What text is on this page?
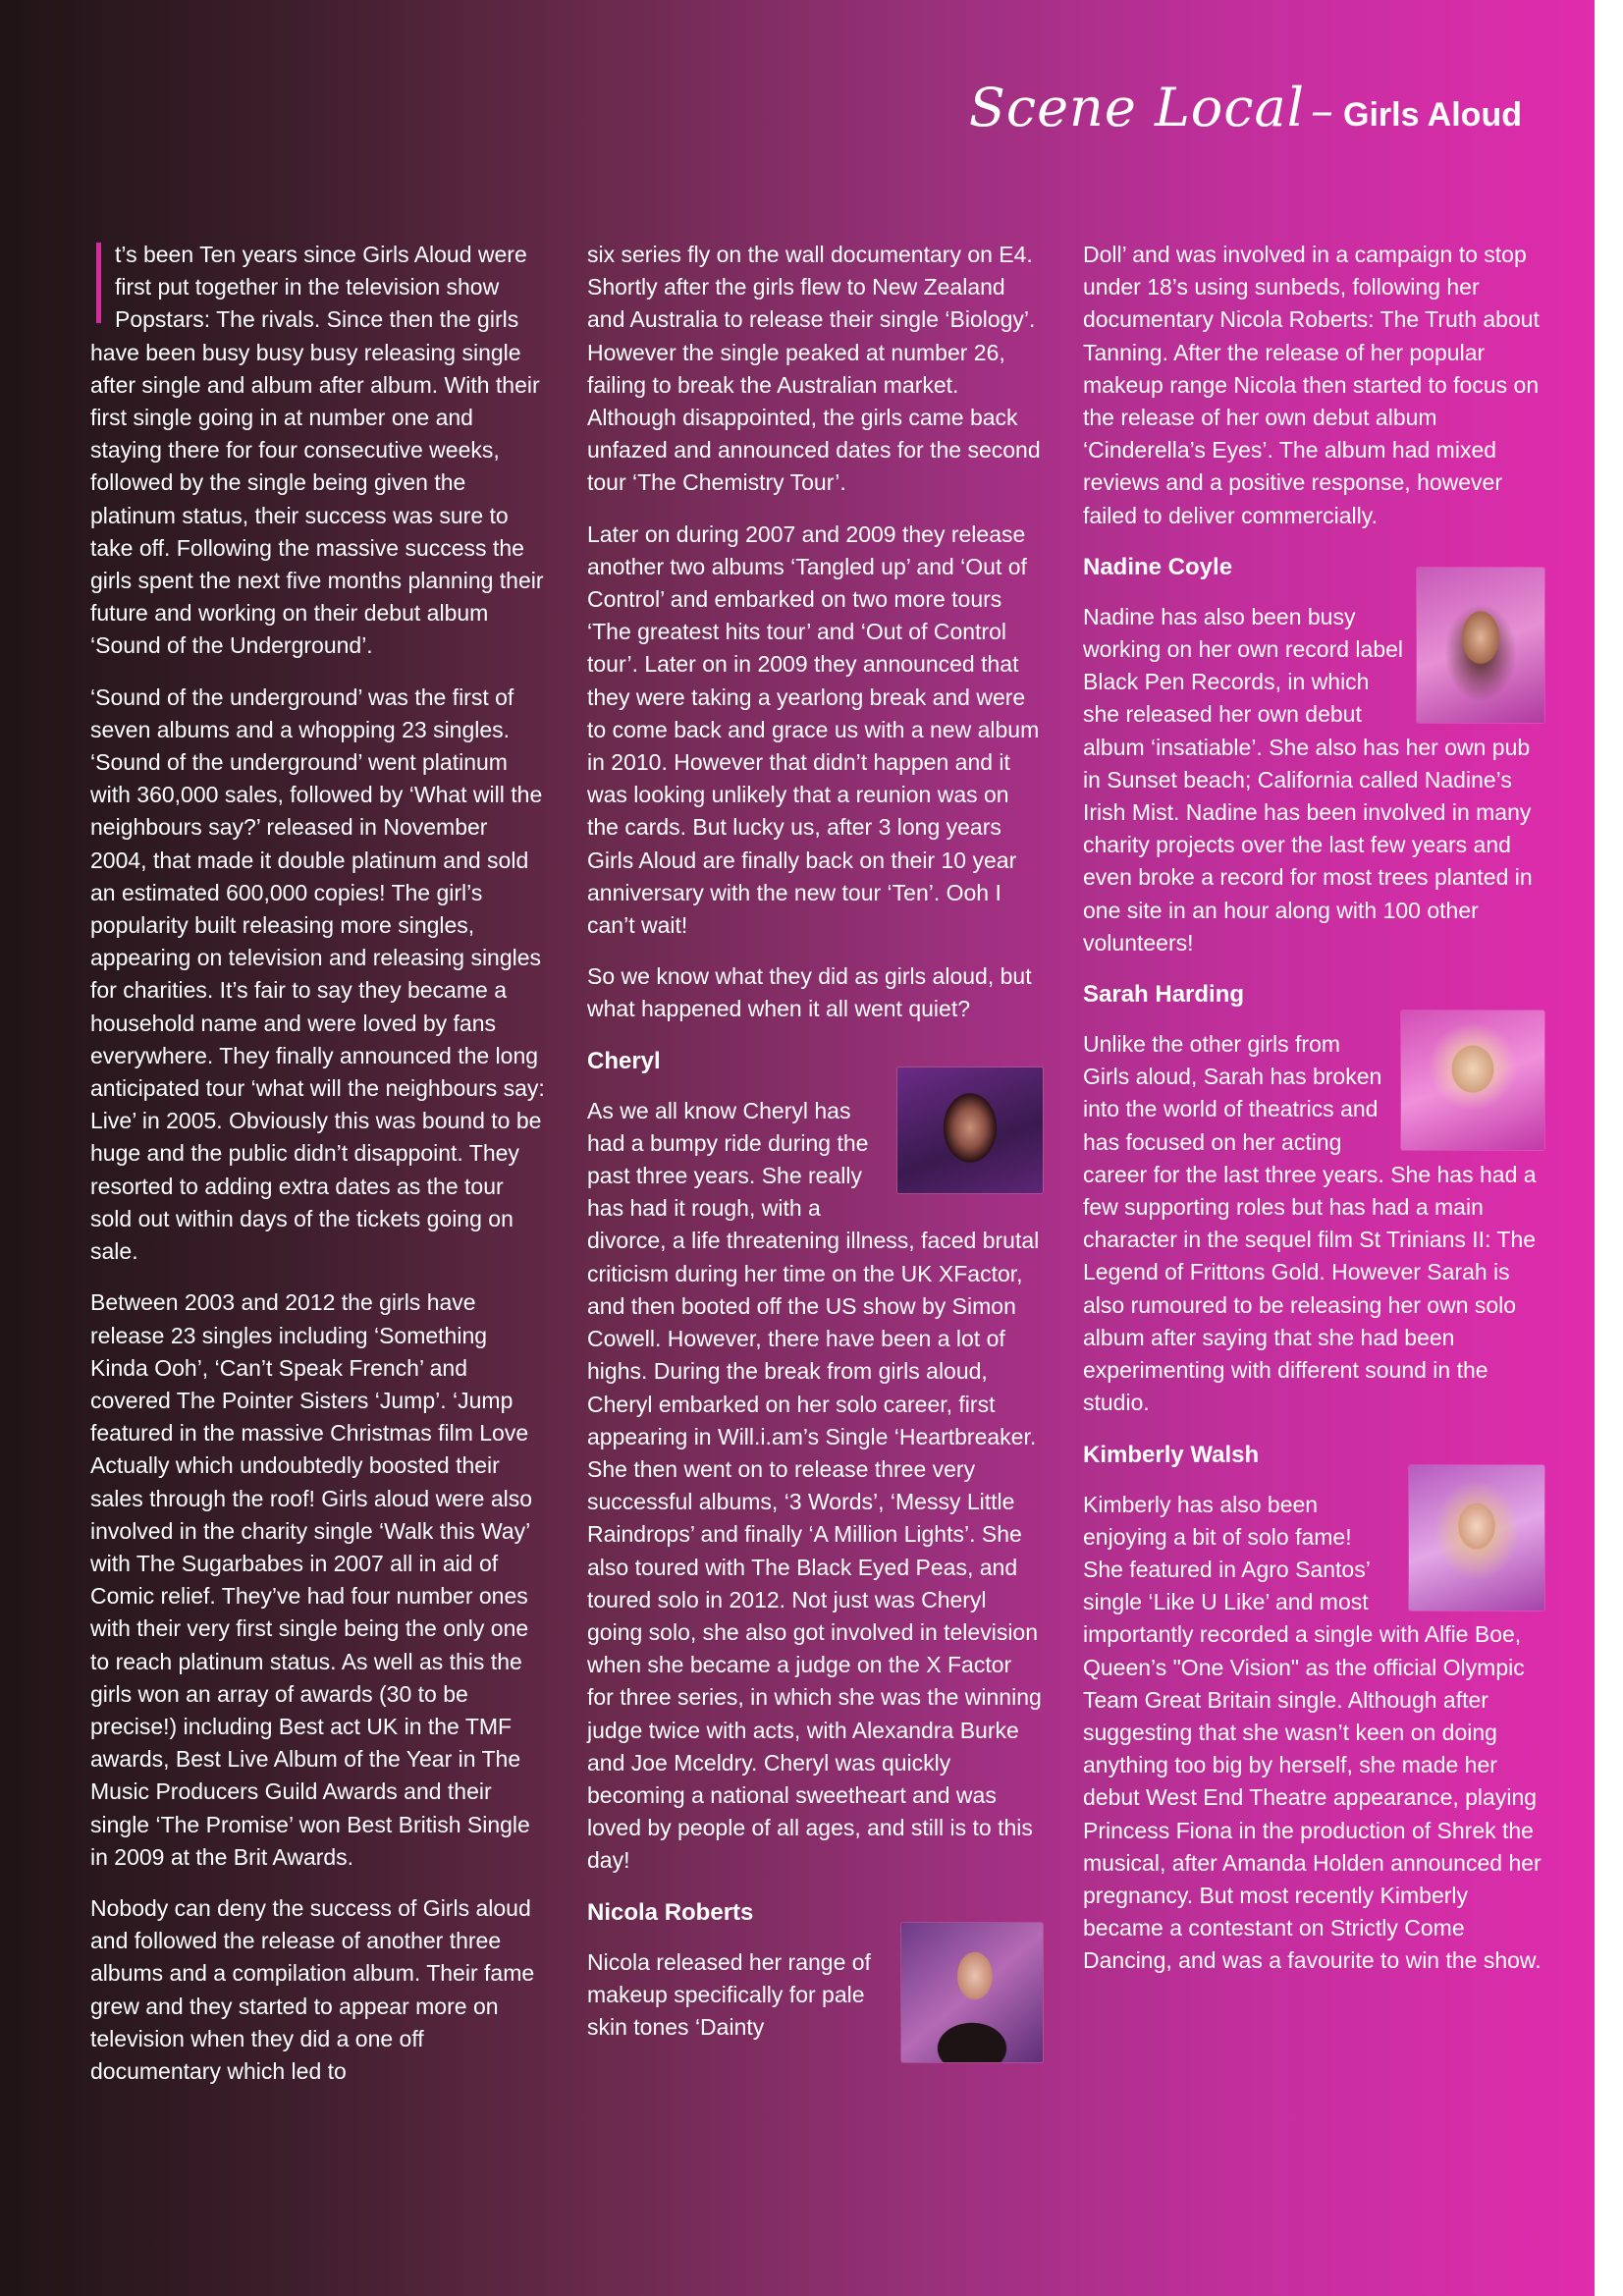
Scene Local – Girls Aloud

t’s been Ten years since Girls Aloud were first put together in the television show Popstars: The rivals. Since then the girls have been busy busy busy releasing single after single and album after album. With their first single going in at number one and staying there for four consecutive weeks, followed by the single being given the platinum status, their success was sure to take off. Following the massive success the girls spent the next five months planning their future and working on their debut album ‘Sound of the Underground’.

‘Sound of the underground’ was the first of seven albums and a whopping 23 singles. ‘Sound of the underground’ went platinum with 360,000 sales, followed by ‘What will the neighbours say?’ released in November 2004, that made it double platinum and sold an estimated 600,000 copies! The girl’s popularity built releasing more singles, appearing on television and releasing singles for charities. It’s fair to say they became a household name and were loved by fans everywhere. They finally announced the long anticipated tour ‘what will the neighbours say: Live’ in 2005. Obviously this was bound to be huge and the public didn’t disappoint. They resorted to adding extra dates as the tour sold out within days of the tickets going on sale.

Between 2003 and 2012 the girls have release 23 singles including ‘Something Kinda Ooh’, ‘Can’t Speak French’ and covered The Pointer Sisters ‘Jump’. ‘Jump featured in the massive Christmas film Love Actually which undoubtedly boosted their sales through the roof! Girls aloud were also involved in the charity single ‘Walk this Way’ with The Sugarbabes in 2007 all in aid of Comic relief. They’ve had four number ones with their very first single being the only one to reach platinum status. As well as this the girls won an array of awards (30 to be precise!) including Best act UK in the TMF awards, Best Live Album of the Year in The Music Producers Guild Awards and their single ‘The Promise’ won Best British Single in 2009 at the Brit Awards.

Nobody can deny the success of Girls aloud and followed the release of another three albums and a compilation album. Their fame grew and they started to appear more on television when they did a one off documentary which led to

six series fly on the wall documentary on E4. Shortly after the girls flew to New Zealand and Australia to release their single ‘Biology’. However the single peaked at number 26, failing to break the Australian market. Although disappointed, the girls came back unfazed and announced dates for the second tour ‘The Chemistry Tour’.

Later on during 2007 and 2009 they release another two albums ‘Tangled up’ and ‘Out of Control’ and embarked on two more tours ‘The greatest hits tour’ and ‘Out of Control tour’. Later on in 2009 they announced that they were taking a yearlong break and were to come back and grace us with a new album in 2010. However that didn’t happen and it was looking unlikely that a reunion was on the cards. But lucky us, after 3 long years Girls Aloud are finally back on their 10 year anniversary with the new tour ‘Ten’. Ooh I can’t wait!

So we know what they did as girls aloud, but what happened when it all went quiet?

Cheryl

As we all know Cheryl has had a bumpy ride during the past three years. She really has had it rough, with a divorce, a life threatening illness, faced brutal criticism during her time on the UK XFactor, and then booted off the US show by Simon Cowell. However, there have been a lot of highs. During the break from girls aloud, Cheryl embarked on her solo career, first appearing in Will.i.am’s Single ‘Heartbreaker. She then went on to release three very successful albums, ‘3 Words’, ‘Messy Little Raindrops’ and finally ‘A Million Lights’. She also toured with The Black Eyed Peas, and toured solo in 2012. Not just was Cheryl going solo, she also got involved in television when she became a judge on the X Factor for three series, in which she was the winning judge twice with acts, with Alexandra Burke and Joe Mceldry. Cheryl was quickly becoming a national sweetheart and was loved by people of all ages, and still is to this day!

Nicola Roberts

Nicola released her range of makeup specifically for pale skin tones ‘Dainty

Doll’ and was involved in a campaign to stop under 18’s using sunbeds, following her documentary Nicola Roberts: The Truth about Tanning. After the release of her popular makeup range Nicola then started to focus on the release of her own debut album ‘Cinderella’s Eyes’. The album had mixed reviews and a positive response, however failed to deliver commercially.

Nadine Coyle

Nadine has also been busy working on her own record label Black Pen Records, in which she released her own debut album ‘insatiable’. She also has her own pub in Sunset beach; California called Nadine’s Irish Mist. Nadine has been involved in many charity projects over the last few years and even broke a record for most trees planted in one site in an hour along with 100 other volunteers!

Sarah Harding

Unlike the other girls from Girls aloud, Sarah has broken into the world of theatrics and has focused on her acting career for the last three years. She has had a few supporting roles but has had a main character in the sequel film St Trinians II: The Legend of Frittons Gold. However Sarah is also rumoured to be releasing her own solo album after saying that she had been experimenting with different sound in the studio.

Kimberly Walsh

Kimberly has also been enjoying a bit of solo fame! She featured in Agro Santos’ single ‘Like U Like’ and most importantly recorded a single with Alfie Boe, Queen’s "One Vision" as the official Olympic Team Great Britain single. Although after suggesting that she wasn’t keen on doing anything too big by herself, she made her debut West End Theatre appearance, playing Princess Fiona in the production of Shrek the musical, after Amanda Holden announced her pregnancy. But most recently Kimberly became a contestant on Strictly Come Dancing, and was a favourite to win the show.
